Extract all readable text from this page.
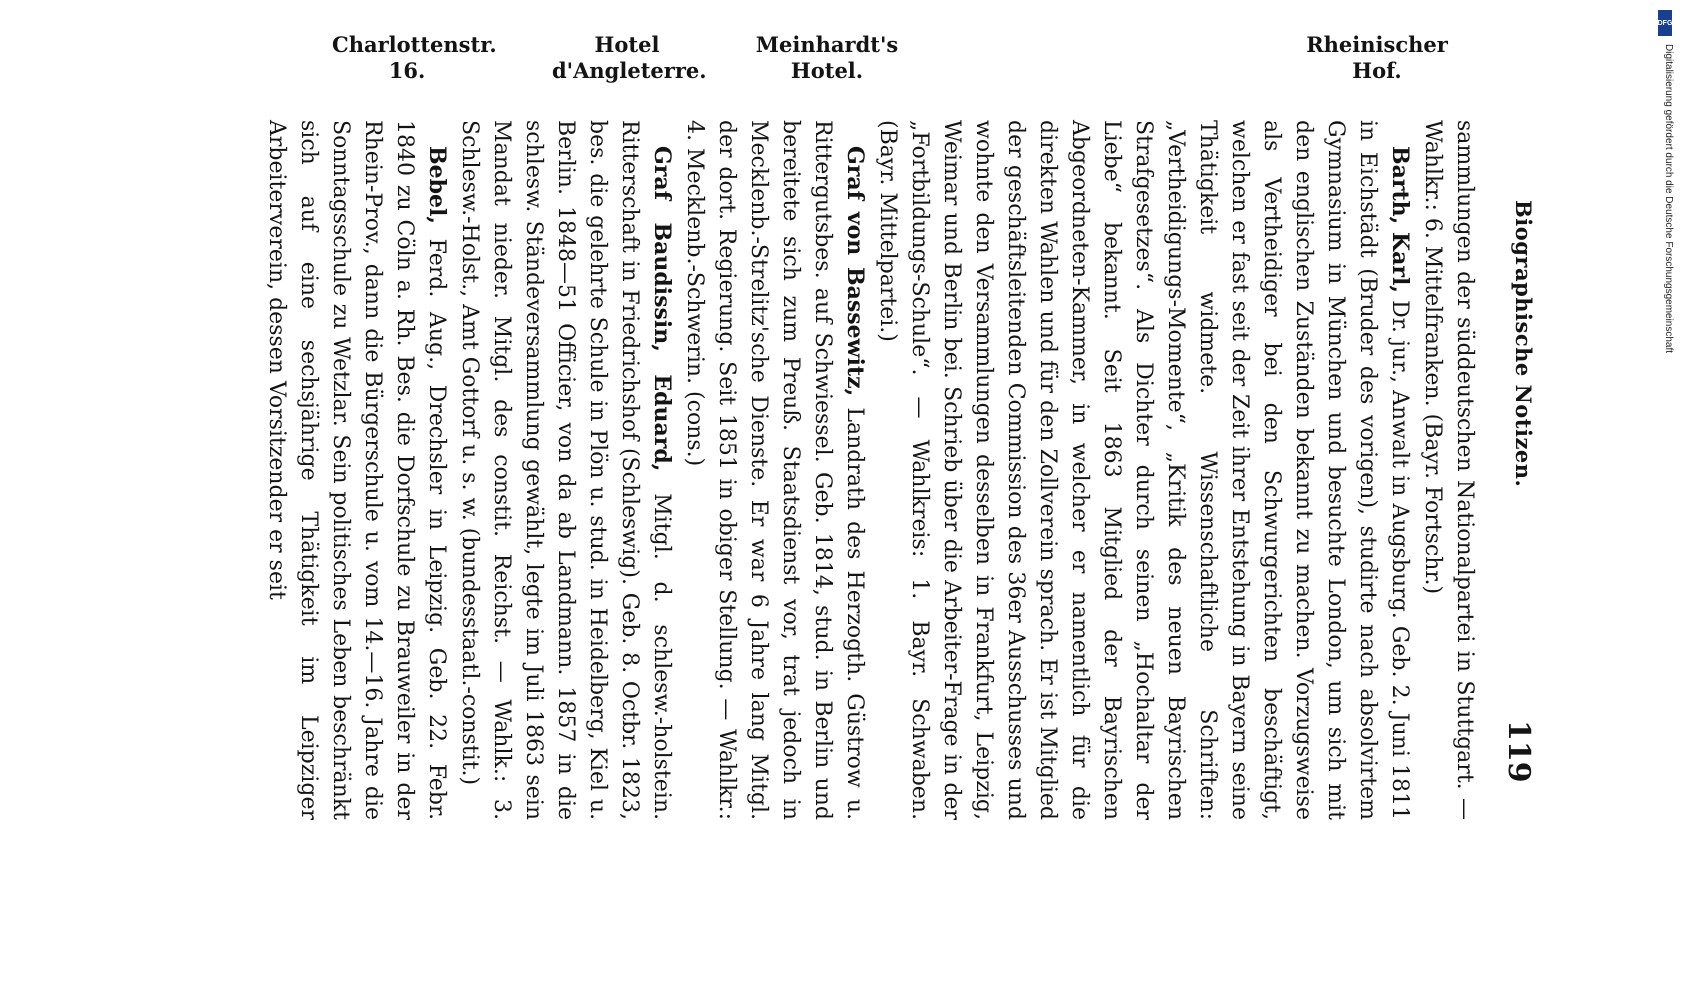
Biographische Notizen.
119

sammlungen der süddeutschen Nationalpartei in Stuttgart. — Wahlkr.: 6. Mittelfranken. (Bayr. Fortschr.)

Barth, Karl, Dr. jur., Anwalt in Augsburg. Geb. 2. Juni 1811 in Eichstädt (Bruder des vorigen), studirte nach absolvirtem Gymnasium in München und besuchte London, um sich mit den englischen Zuständen bekannt zu machen. Vorzugsweise als Vertheidiger bei den Schwurgerichten beschäftigt, welchen er fast seit der Zeit ihrer Entstehung in Bayern seine Thätigkeit widmete. Wissenschaftliche Schriften: „Vertheidigungs-Momente“, „Kritik des neuen Bayrischen Strafgesetzes“. Als Dichter durch seinen „Hochaltar der Liebe“ bekannt. Seit 1863 Mitglied der Bayrischen Abgeordneten-Kammer, in welcher er namentlich für die direkten Wahlen und für den Zollverein sprach. Er ist Mitglied der geschäftsleitenden Commission des 36er Ausschusses und wohnte den Versammlungen desselben in Frankfurt, Leipzig, Weimar und Berlin bei. Schrieb über die Arbeiter-Frage in der „Fortbildungs-Schule“. — Wahlkreis: 1. Bayr. Schwaben. (Bayr. Mittelpartei.)

Graf von Bassewitz, Landrath des Herzogth. Güstrow u. Rittergutsbes. auf Schwiessel. Geb. 1814, stud. in Berlin und bereitete sich zum Preuß. Staatsdienst vor, trat jedoch in Mecklenb.-Strelitz'sche Dienste. Er war 6 Jahre lang Mitgl. der dort. Regierung. Seit 1851 in obiger Stellung. — Wahlkr.: 4. Mecklenb.-Schwerin. (cons.)

Graf Baudissin, Eduard, Mitgl. d. schlesw.-holstein. Ritterschaft in Friedrichshof (Schleswig). Geb. 8. Octbr. 1823, bes. die gelehrte Schule in Plön u. stud. in Heidelberg, Kiel u. Berlin. 1848—51 Officier, von da ab Landmann. 1857 in die schlesw. Ständeversammlung gewählt, legte im Juli 1863 sein Mandat nieder. Mitgl. des constit. Reichst. — Wahlk.: 3. Schlesw.-Holst., Amt Gottorf u. s. w. (bundesstaatl.-constit.)

Bebel, Ferd. Aug., Drechsler in Leipzig. Geb. 22. Febr. 1840 zu Cöln a. Rh. Bes. die Dorfschule zu Brauweiler in der Rhein-Prov., dann die Bürgerschule u. vom 14.—16. Jahre die Sonntagsschule zu Wetzlar. Sein politisches Leben beschränkt sich auf eine sechsjährige Thätigkeit im Leipziger Arbeiterverein, dessen Vorsitzender er seit

Rheinischer Hof.
Meinhardt's Hotel.
Hotel d'Angleterre.
Charlottenstr. 16.
DFG
Digitalisierung gefördert durch die Deutsche Forschungsgemeinschaft
